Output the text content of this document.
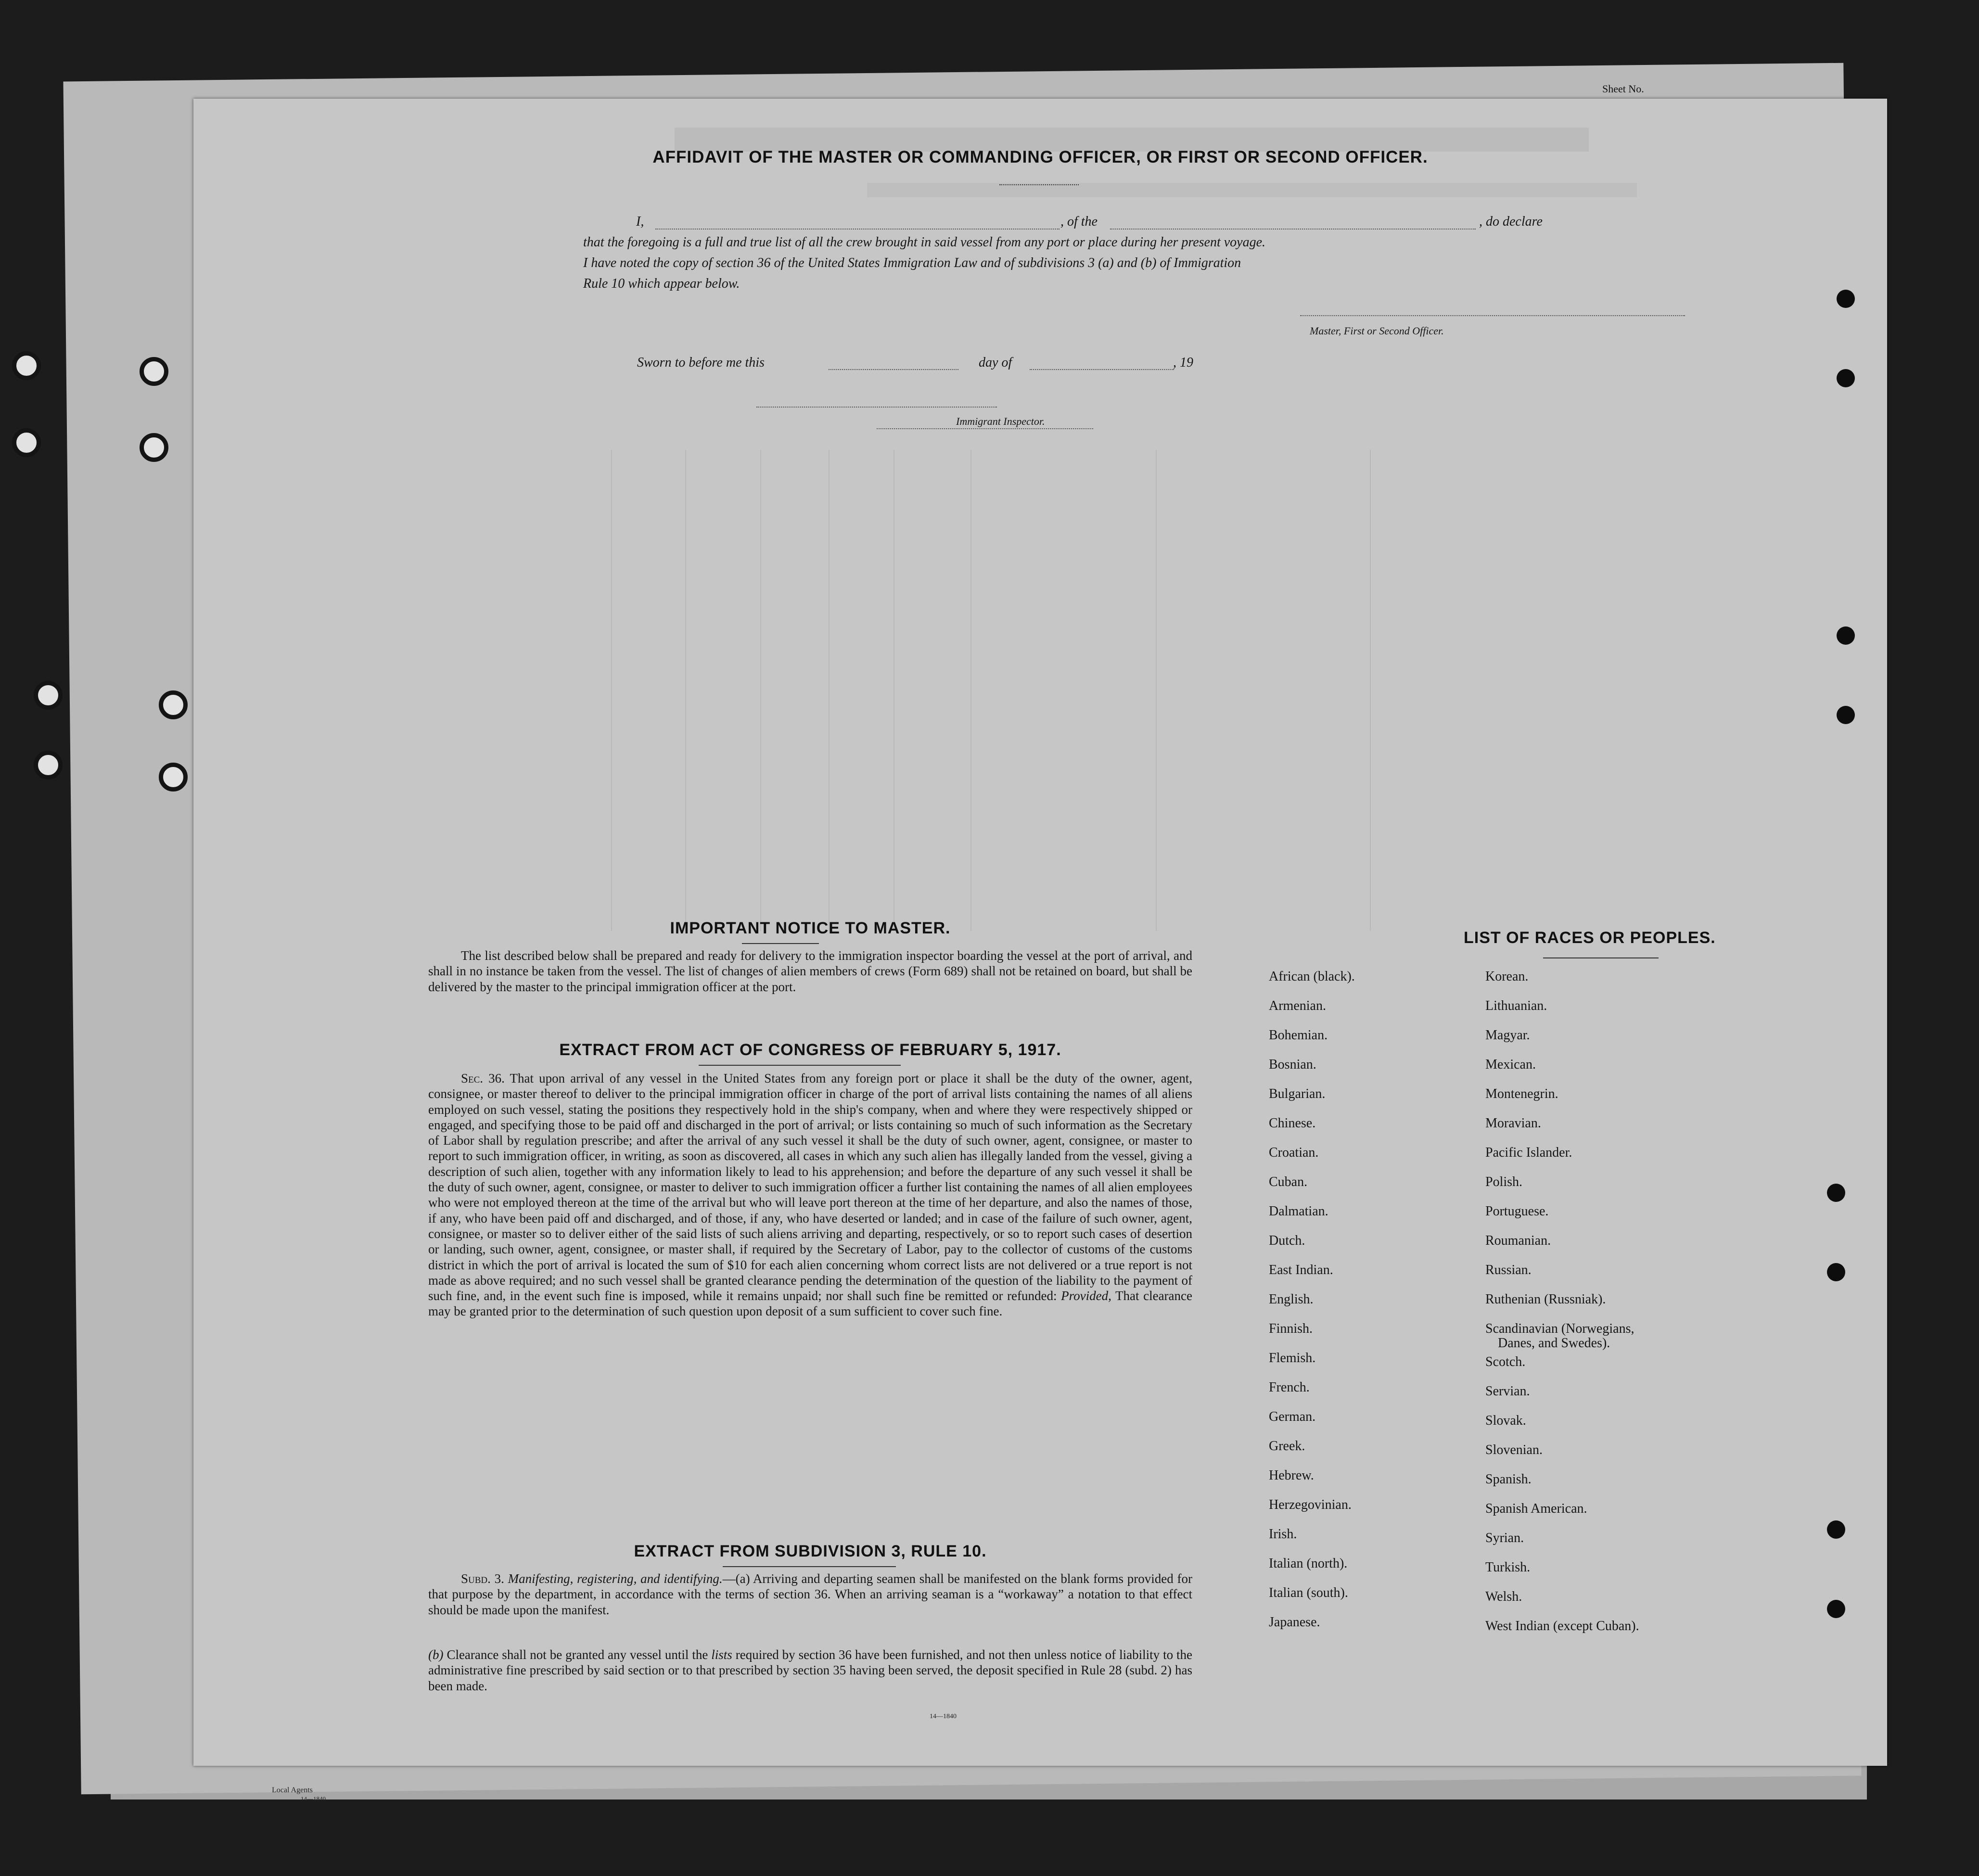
Local Agents
14—1840
Sheet No.
AFFIDAVIT OF THE MASTER OR COMMANDING OFFICER, OR FIRST OR SECOND OFFICER.
I,	, of the	, do declare
that the foregoing is a full and true list of all the crew brought in said vessel from any port or place during her present voyage.
I have noted the copy of section 36 of the United States Immigration Law and of subdivisions 3 (a) and (b) of Immigration
Rule 10 which appear below.
Master, First or Second Officer.
Sworn to before me this	day of	, 19
Immigrant Inspector.
IMPORTANT NOTICE TO MASTER.

The list described below shall be prepared and ready for delivery to the immigration inspector boarding the vessel at the port of arrival, and shall in no instance be taken from the vessel. The list of changes of alien members of crews (Form 689) shall not be retained on board, but shall be delivered by the master to the principal immigration officer at the port.

EXTRACT FROM ACT OF CONGRESS OF FEBRUARY 5, 1917.

Sec. 36. That upon arrival of any vessel in the United States from any foreign port or place it shall be the duty of the owner, agent, consignee, or master thereof to deliver to the principal immigration officer in charge of the port of arrival lists containing the names of all aliens employed on such vessel, stating the positions they respectively hold in the ship's company, when and where they were respectively shipped or engaged, and specifying those to be paid off and discharged in the port of arrival; or lists containing so much of such information as the Secretary of Labor shall by regulation prescribe; and after the arrival of any such vessel it shall be the duty of such owner, agent, consignee, or master to report to such immigration officer, in writing, as soon as discovered, all cases in which any such alien has illegally landed from the vessel, giving a description of such alien, together with any information likely to lead to his apprehension; and before the departure of any such vessel it shall be the duty of such owner, agent, consignee, or master to deliver to such immigration officer a further list containing the names of all alien employees who were not employed thereon at the time of the arrival but who will leave port thereon at the time of her departure, and also the names of those, if any, who have been paid off and discharged, and of those, if any, who have deserted or landed; and in case of the failure of such owner, agent, consignee, or master so to deliver either of the said lists of such aliens arriving and departing, respectively, or so to report such cases of desertion or landing, such owner, agent, consignee, or master shall, if required by the Secretary of Labor, pay to the collector of customs of the customs district in which the port of arrival is located the sum of $10 for each alien concerning whom correct lists are not delivered or a true report is not made as above required; and no such vessel shall be granted clearance pending the determination of the question of the liability to the payment of such fine, and, in the event such fine is imposed, while it remains unpaid; nor shall such fine be remitted or refunded: Provided, That clearance may be granted prior to the determination of such question upon deposit of a sum sufficient to cover such fine.

EXTRACT FROM SUBDIVISION 3, RULE 10.

Subd. 3. Manifesting, registering, and identifying.—(a) Arriving and departing seamen shall be manifested on the blank forms provided for that purpose by the department, in accordance with the terms of section 36. When an arriving seaman is a “workaway” a notation to that effect should be made upon the manifest.

(b) Clearance shall not be granted any vessel until the lists required by section 36 have been furnished, and not then unless notice of liability to the administrative fine prescribed by said section or to that prescribed by section 35 having been served, the deposit specified in Rule 28 (subd. 2) has been made.

14—1840
LIST OF RACES OR PEOPLES.
African (black).
Armenian.
Bohemian.
Bosnian.
Bulgarian.
Chinese.
Croatian.
Cuban.
Dalmatian.
Dutch.
East Indian.
English.
Finnish.
Flemish.
French.
German.
Greek.
Hebrew.
Herzegovinian.
Irish.
Italian (north).
Italian (south).
Japanese.
Korean.
Lithuanian.
Magyar.
Mexican.
Montenegrin.
Moravian.
Pacific Islander.
Polish.
Portuguese.
Roumanian.
Russian.
Ruthenian (Russniak).
Scandinavian (Norwegians,
Danes, and Swedes).
Scotch.
Servian.
Slovak.
Slovenian.
Spanish.
Spanish American.
Syrian.
Turkish.
Welsh.
West Indian (except Cuban).
